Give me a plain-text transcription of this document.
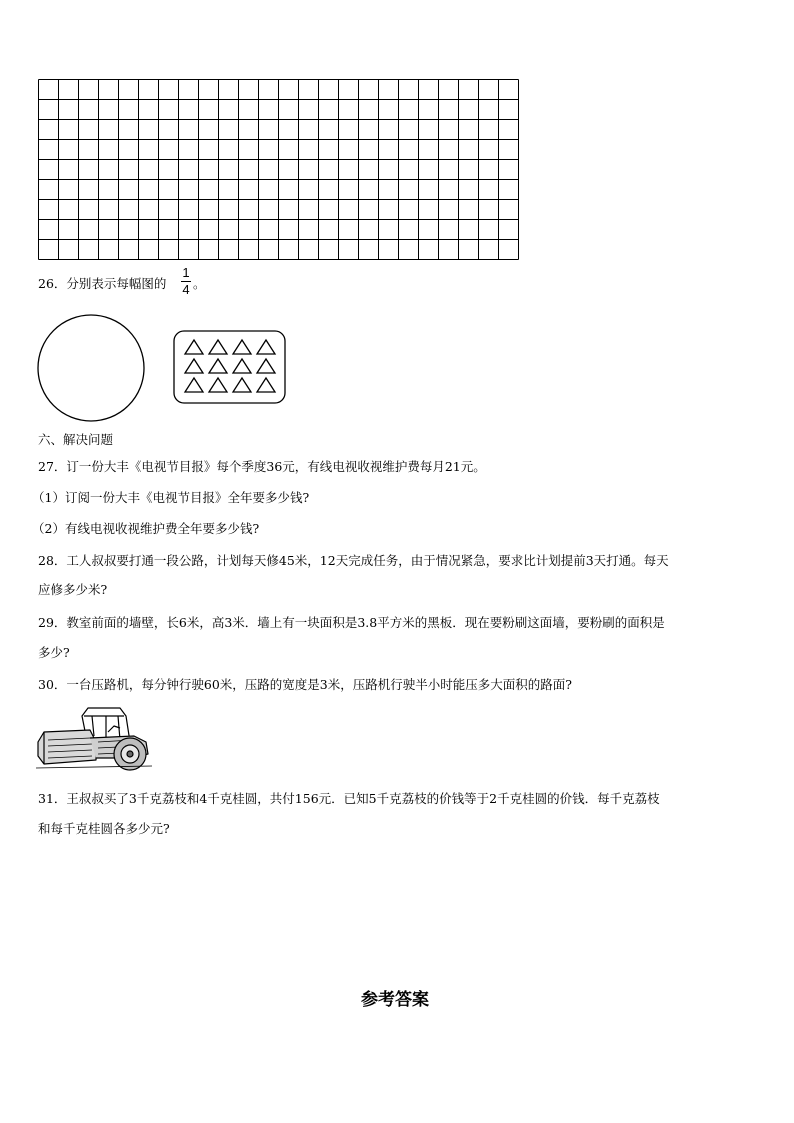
26．分别表示每幅图的
1
4 。
六、解决问题
27．订一份大丰《电视节目报》每个季度36元，有线电视收视维护费每月21元。
（1）订阅一份大丰《电视节目报》全年要多少钱?
（2）有线电视收视维护费全年要多少钱?
28．工人叔叔要打通一段公路，计划每天修45米，12天完成任务，由于情况紧急，要求比计划提前3天打通。每天
应修多少米?
29．教室前面的墙壁，长6米，高3米．墙上有一块面积是3.8平方米的黑板．现在要粉刷这面墙，要粉刷的面积是
多少?
30．一台压路机，每分钟行驶60米，压路的宽度是3米，压路机行驶半小时能压多大面积的路面?
31．王叔叔买了3千克荔枝和4千克桂圆，共付156元．已知5千克荔枝的价钱等于2千克桂圆的价钱．每千克荔枝
和每千克桂圆各多少元?
参考答案
